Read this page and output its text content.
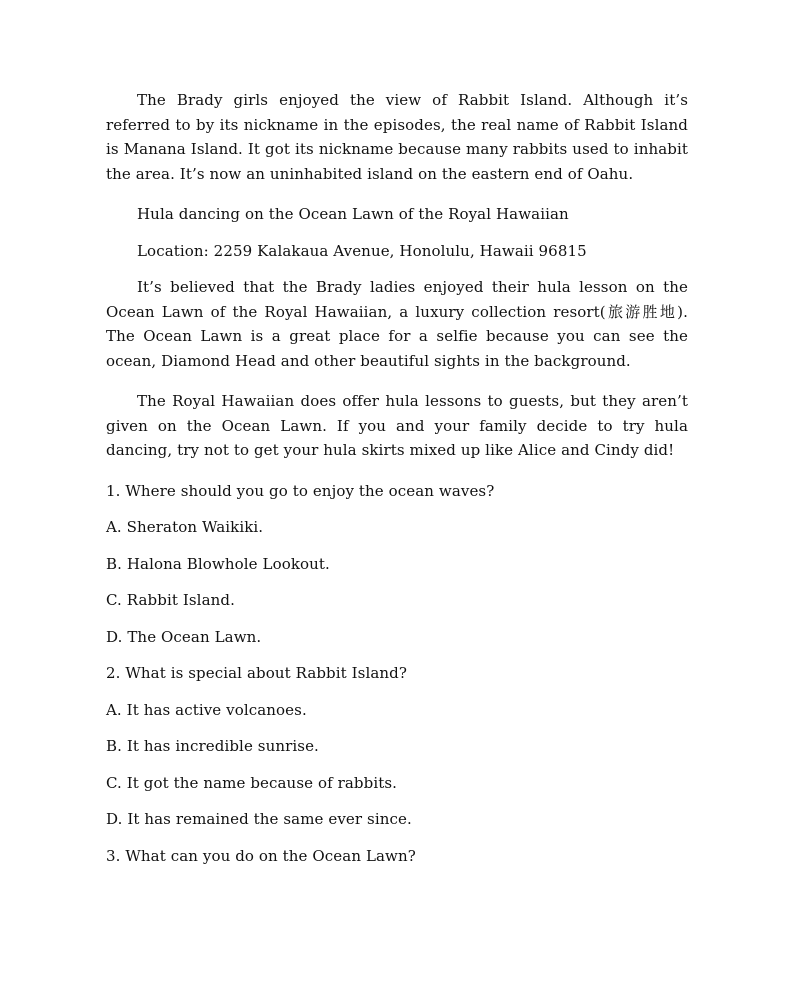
The Brady girls enjoyed the view of Rabbit Island. Although it’s referred to by its nickname in the episodes, the real name of Rabbit Island is Manana Island. It got its nickname because many rabbits used to inhabit the area. It’s now an uninhabited island on the eastern end of Oahu.

Hula dancing on the Ocean Lawn of the Royal Hawaiian

Location: 2259 Kalakaua Avenue, Honolulu, Hawaii 96815

It’s believed that the Brady ladies enjoyed their hula lesson on the Ocean Lawn of the Royal Hawaiian, a luxury collection resort(旅游胜地). The Ocean Lawn is a great place for a selfie because you can see the ocean, Diamond Head and other beautiful sights in the background.

The Royal Hawaiian does offer hula lessons to guests, but they aren’t given on the Ocean Lawn. If you and your family decide to try hula dancing, try not to get your hula skirts mixed up like Alice and Cindy did!

1. Where should you go to enjoy the ocean waves?

A. Sheraton Waikiki.

B. Halona Blowhole Lookout.

C. Rabbit Island.

D. The Ocean Lawn.

2. What is special about Rabbit Island?

A. It has active volcanoes.

B. It has incredible sunrise.

C. It got the name because of rabbits.

D. It has remained the same ever since.

3. What can you do on the Ocean Lawn?
